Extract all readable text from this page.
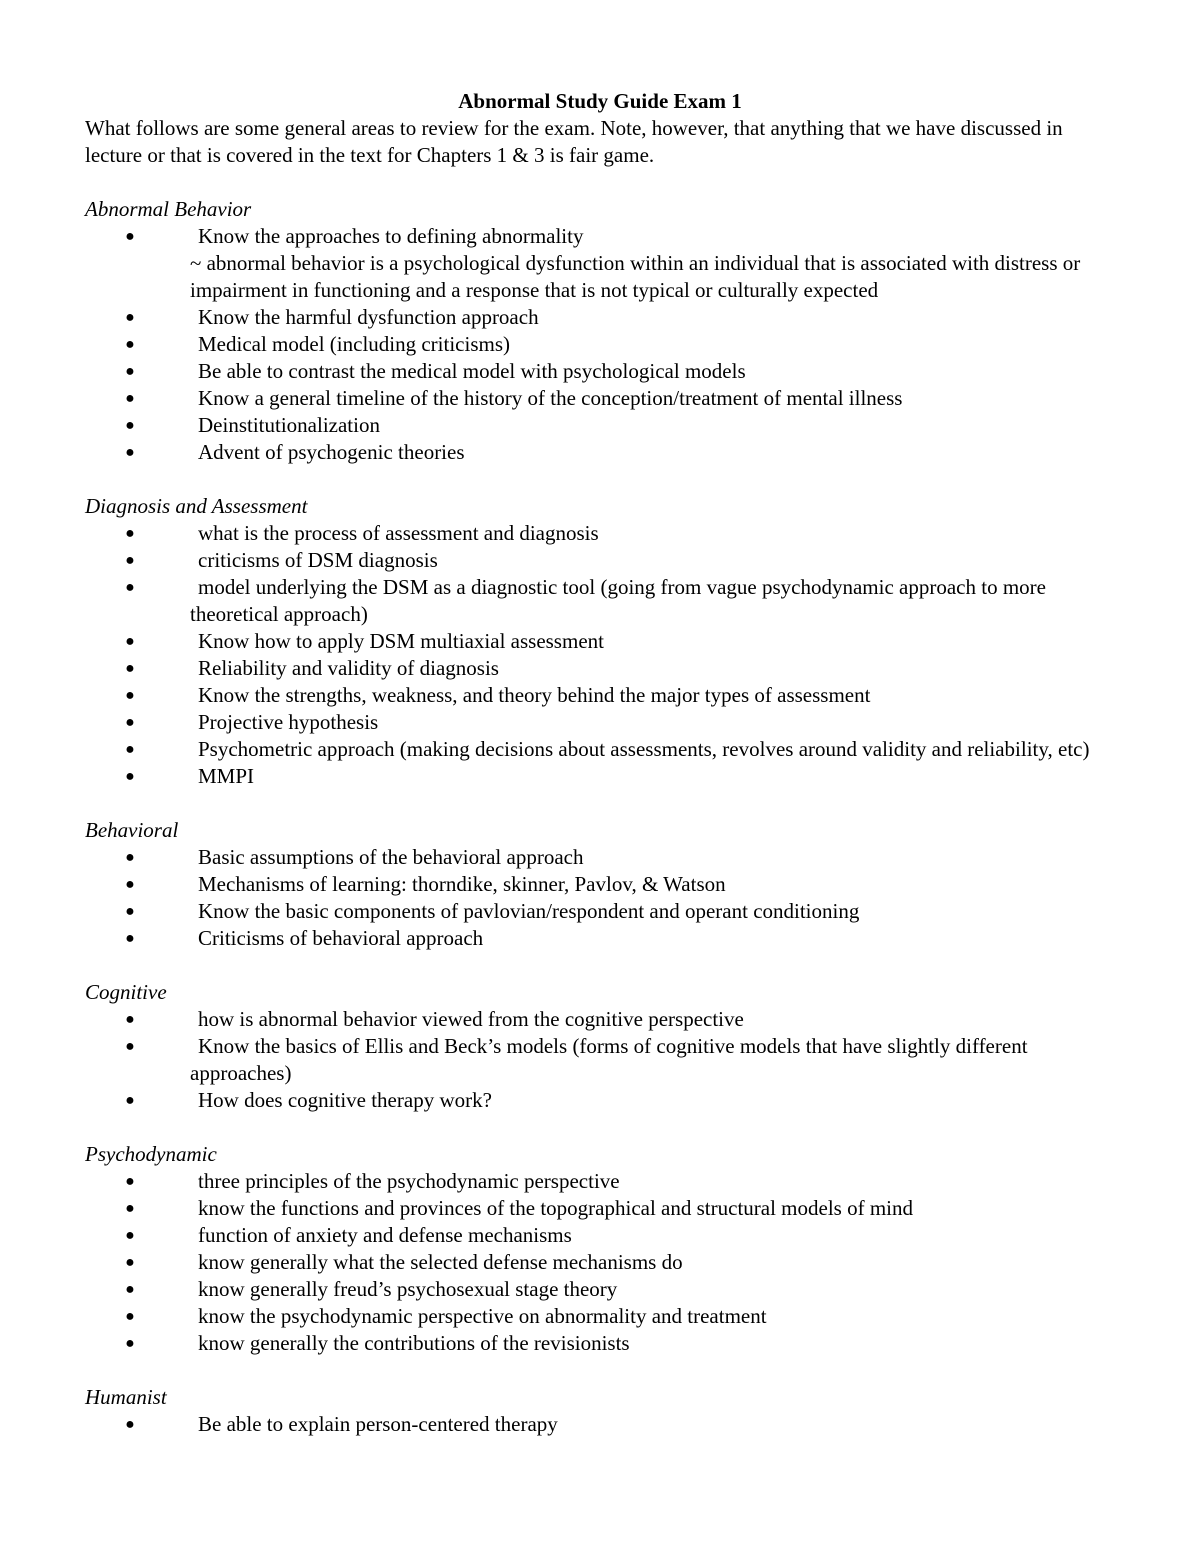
Abnormal Study Guide Exam 1

What follows are some general areas to review for the exam. Note, however, that anything that we have discussed in lecture or that is covered in the text for Chapters 1 & 3 is fair game.

Abnormal Behavior
●	Know the approaches to defining abnormality
~ abnormal behavior is a psychological dysfunction within an individual that is associated with distress or impairment in functioning and a response that is not typical or culturally expected
●	Know the harmful dysfunction approach
●	Medical model (including criticisms)
●	Be able to contrast the medical model with psychological models
●	Know a general timeline of the history of the conception/treatment of mental illness
●	Deinstitutionalization
●	Advent of psychogenic theories
Diagnosis and Assessment
●	what is the process of assessment and diagnosis
●	criticisms of DSM diagnosis
●	model underlying the DSM as a diagnostic tool (going from vague psychodynamic approach to more theoretical approach)
●	Know how to apply DSM multiaxial assessment
●	Reliability and validity of diagnosis
●	Know the strengths, weakness, and theory behind the major types of assessment
●	Projective hypothesis
●	Psychometric approach (making decisions about assessments, revolves around validity and reliability, etc)
●	MMPI
Behavioral
●	Basic assumptions of the behavioral approach
●	Mechanisms of learning: thorndike, skinner, Pavlov, & Watson
●	Know the basic components of pavlovian/respondent and operant conditioning
●	Criticisms of behavioral approach
Cognitive
●	how is abnormal behavior viewed from the cognitive perspective
●	Know the basics of Ellis and Beck’s models (forms of cognitive models that have slightly different approaches)
●	How does cognitive therapy work?
Psychodynamic
●	three principles of the psychodynamic perspective
●	know the functions and provinces of the topographical and structural models of mind
●	function of anxiety and defense mechanisms
●	know generally what the selected defense mechanisms do
●	know generally freud’s psychosexual stage theory
●	know the psychodynamic perspective on abnormality and treatment
●	know generally the contributions of the revisionists
Humanist
●	Be able to explain person-centered therapy
